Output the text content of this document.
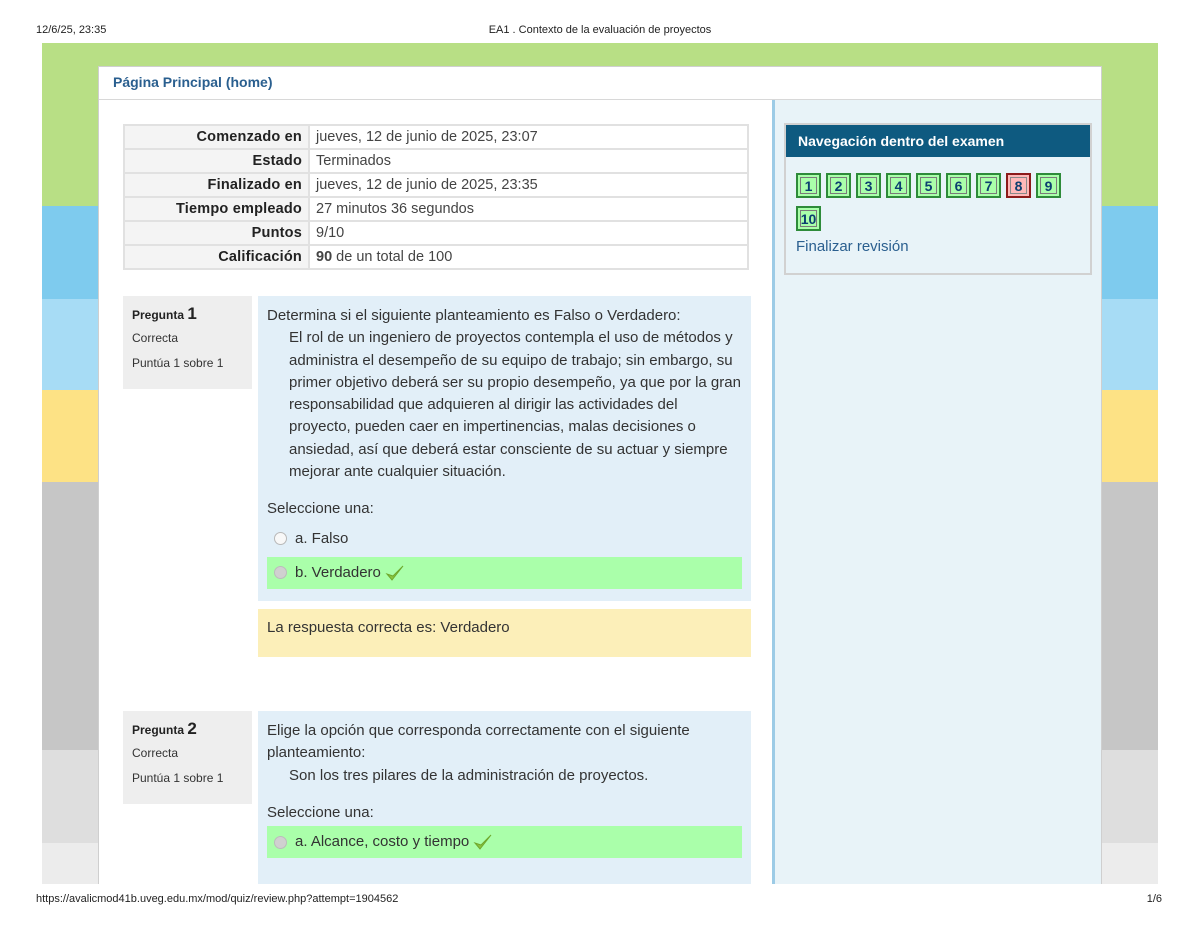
12/6/25, 23:35	EA1 . Contexto de la evaluación de proyectos
Página Principal (home)
Comenzado en	jueves, 12 de junio de 2025, 23:07
Estado	Terminados
Finalizado en	jueves, 12 de junio de 2025, 23:35
Tiempo empleado	27 minutos 36 segundos
Puntos	9/10
Calificación	90 de un total de 100
Pregunta 1
Correcta
Puntúa 1 sobre 1

Determina si el siguiente planteamiento es Falso o Verdadero:

El rol de un ingeniero de proyectos contempla el uso de métodos y administra el desempeño de su equipo de trabajo; sin embargo, su primer objetivo deberá ser su propio desempeño, ya que por la gran responsabilidad que adquieren al dirigir las actividades del proyecto, pueden caer en impertinencias, malas decisiones o ansiedad, así que deberá estar consciente de su actuar y siempre mejorar ante cualquier situación.

Seleccione una:
a. Falso
b. Verdadero
La respuesta correcta es: Verdadero
Pregunta 2
Correcta
Puntúa 1 sobre 1

Elige la opción que corresponda correctamente con el siguiente planteamiento:

Son los tres pilares de la administración de proyectos.

Seleccione una:
a. Alcance, costo y tiempo
Navegación dentro del examen
1	2	3	4	5	6	7	8	9
10
Finalizar revisión
https://avalicmod41b.uveg.edu.mx/mod/quiz/review.php?attempt=1904562	1/6
